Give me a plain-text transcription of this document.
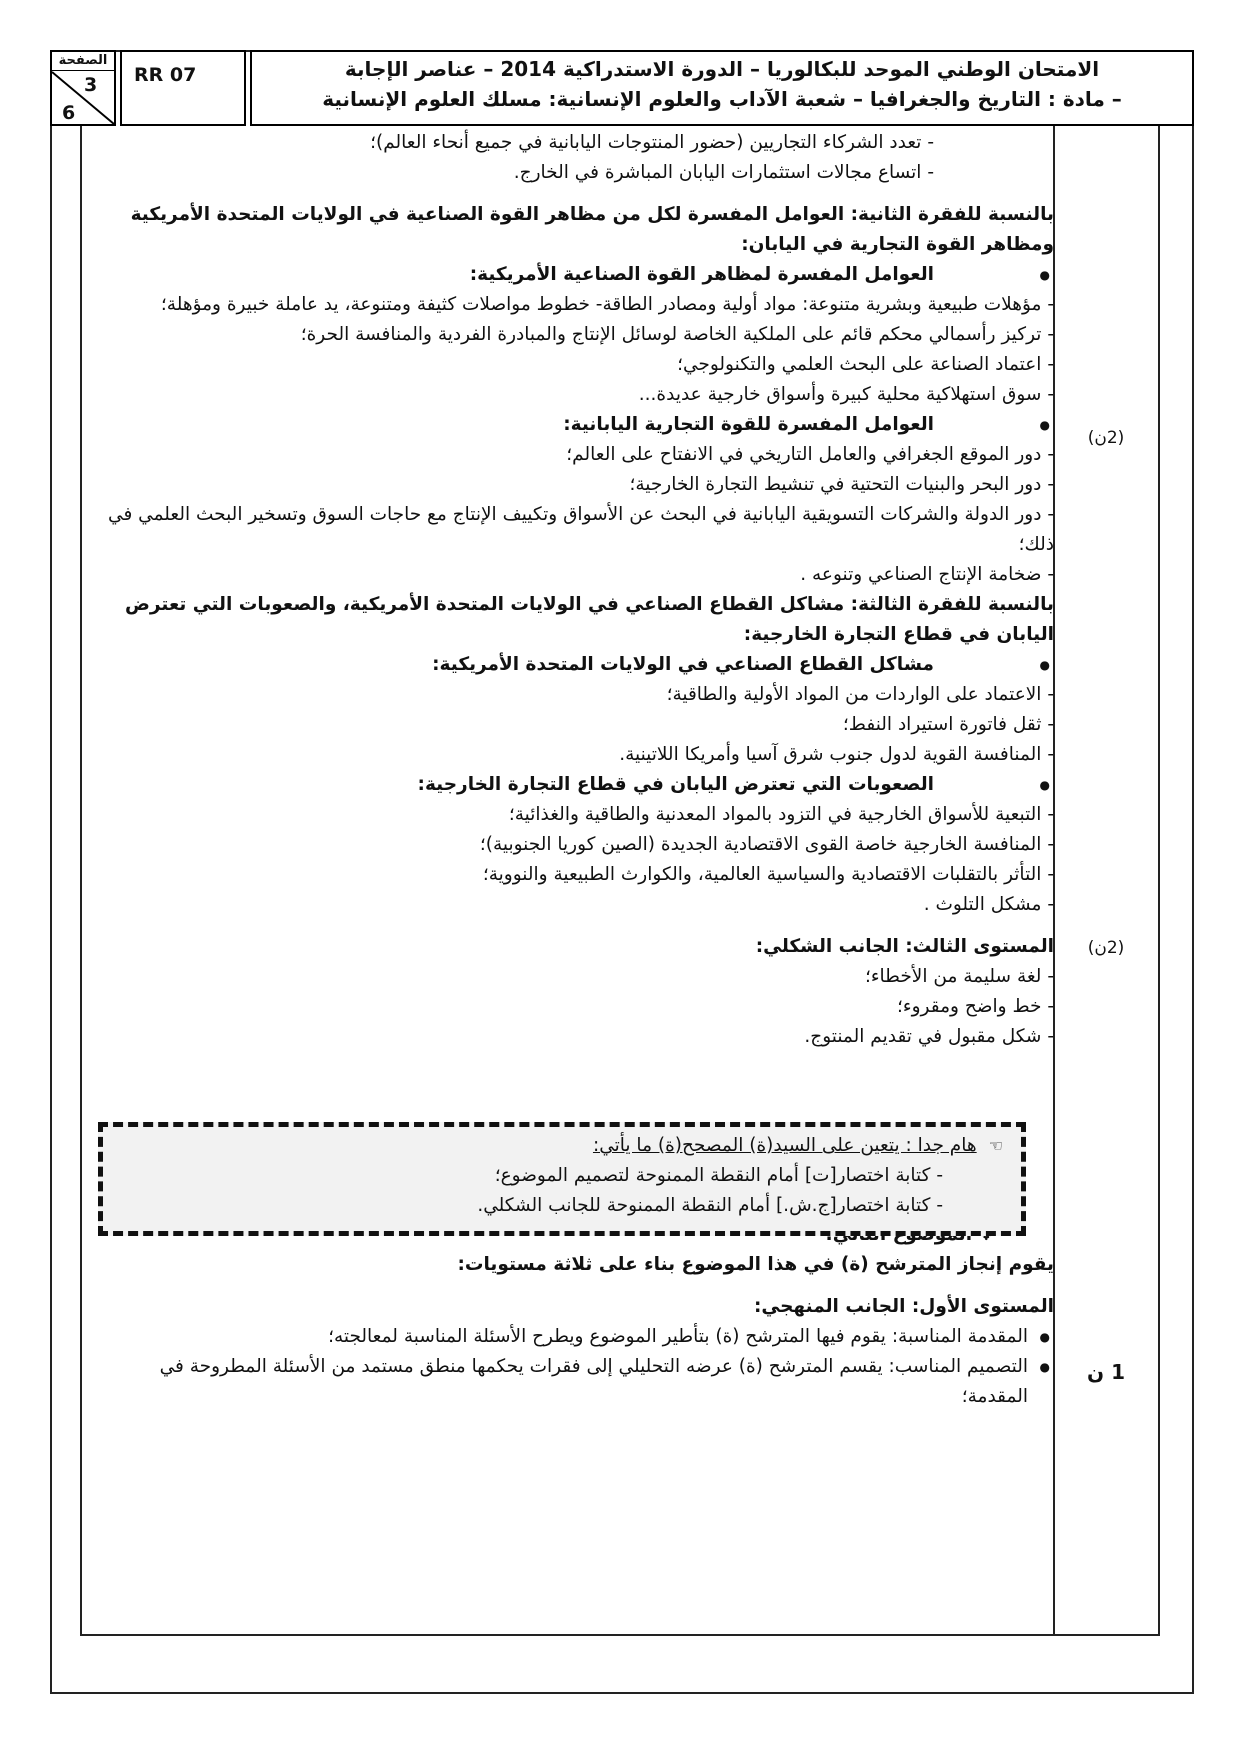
الصفحة
3
6
RR 07	الامتحان الوطني الموحد للبكالوريا – الدورة الاستدراكية 2014 – عناصر الإجابة
– مادة : التاريخ والجغرافيا – شعبة الآداب والعلوم الإنسانية: مسلك العلوم الإنسانية
(2ن)
(2ن)
1 ن

- تعدد الشركاء التجاريين (حضور المنتوجات اليابانية في جميع أنحاء العالم)؛

- اتساع مجالات استثمارات اليابان المباشرة في الخارج.

بالنسبة للفقرة الثانية: العوامل المفسرة لكل من مظاهر القوة الصناعية في الولايات المتحدة الأمريكية ومظاهر القوة التجارية في اليابان:

● العوامل المفسرة لمظاهر القوة الصناعية الأمريكية:

- مؤهلات طبيعية وبشرية متنوعة: مواد أولية ومصادر الطاقة- خطوط مواصلات كثيفة ومتنوعة، يد عاملة خبيرة ومؤهلة؛

- تركيز رأسمالي محكم قائم على الملكية الخاصة لوسائل الإنتاج والمبادرة الفردية والمنافسة الحرة؛

- اعتماد الصناعة على البحث العلمي والتكنولوجي؛

- سوق استهلاكية محلية كبيرة وأسواق خارجية عديدة...

● العوامل المفسرة للقوة التجارية اليابانية:

- دور الموقع الجغرافي والعامل التاريخي في الانفتاح على العالم؛

- دور البحر والبنيات التحتية في تنشيط التجارة الخارجية؛

- دور الدولة والشركات التسويقية اليابانية في البحث عن الأسواق وتكييف الإنتاج مع حاجات السوق وتسخير البحث العلمي في ذلك؛

- ضخامة الإنتاج الصناعي وتنوعه .

بالنسبة للفقرة الثالثة: مشاكل القطاع الصناعي في الولايات المتحدة الأمريكية، والصعوبات التي تعترض اليابان في قطاع التجارة الخارجية:

● مشاكل القطاع الصناعي في الولايات المتحدة الأمريكية:

- الاعتماد على الواردات من المواد الأولية والطاقية؛

- ثقل فاتورة استيراد النفط؛

- المنافسة القوية لدول جنوب شرق آسيا وأمريكا اللاتينية.

● الصعوبات التي تعترض اليابان في قطاع التجارة الخارجية:

- التبعية للأسواق الخارجية في التزود بالمواد المعدنية والطاقية والغذائية؛

- المنافسة الخارجية خاصة القوى الاقتصادية الجديدة (الصين كوريا الجنوبية)؛

- التأثر بالتقلبات الاقتصادية والسياسية العالمية، والكوارث الطبيعية والنووية؛

- مشكل التلوث .

المستوى الثالث: الجانب الشكلي:

- لغة سليمة من الأخطاء؛

- خط واضح ومقروء؛

- شكل مقبول في تقديم المنتوج.

يقوم إنجاز المترشح (ة) في هذا الموضوع بناء على ثلاثة مستويات:

المستوى الأول: الجانب المنهجي:

● المقدمة المناسبة: يقوم فيها المترشح (ة) بتأطير الموضوع ويطرح الأسئلة المناسبة لمعالجته؛

● التصميم المناسب: يقسم المترشح (ة) عرضه التحليلي إلى فقرات يحكمها منطق مستمد من الأسئلة المطروحة في المقدمة؛

☜هام جدا : يتعين على السيد(ة) المصحح(ة) ما يأتي:

- كتابة اختصار[ت] أمام النقطة الممنوحة لتصميم الموضوع؛

- كتابة اختصار[ج.ش.] أمام النقطة الممنوحة للجانب الشكلي.
